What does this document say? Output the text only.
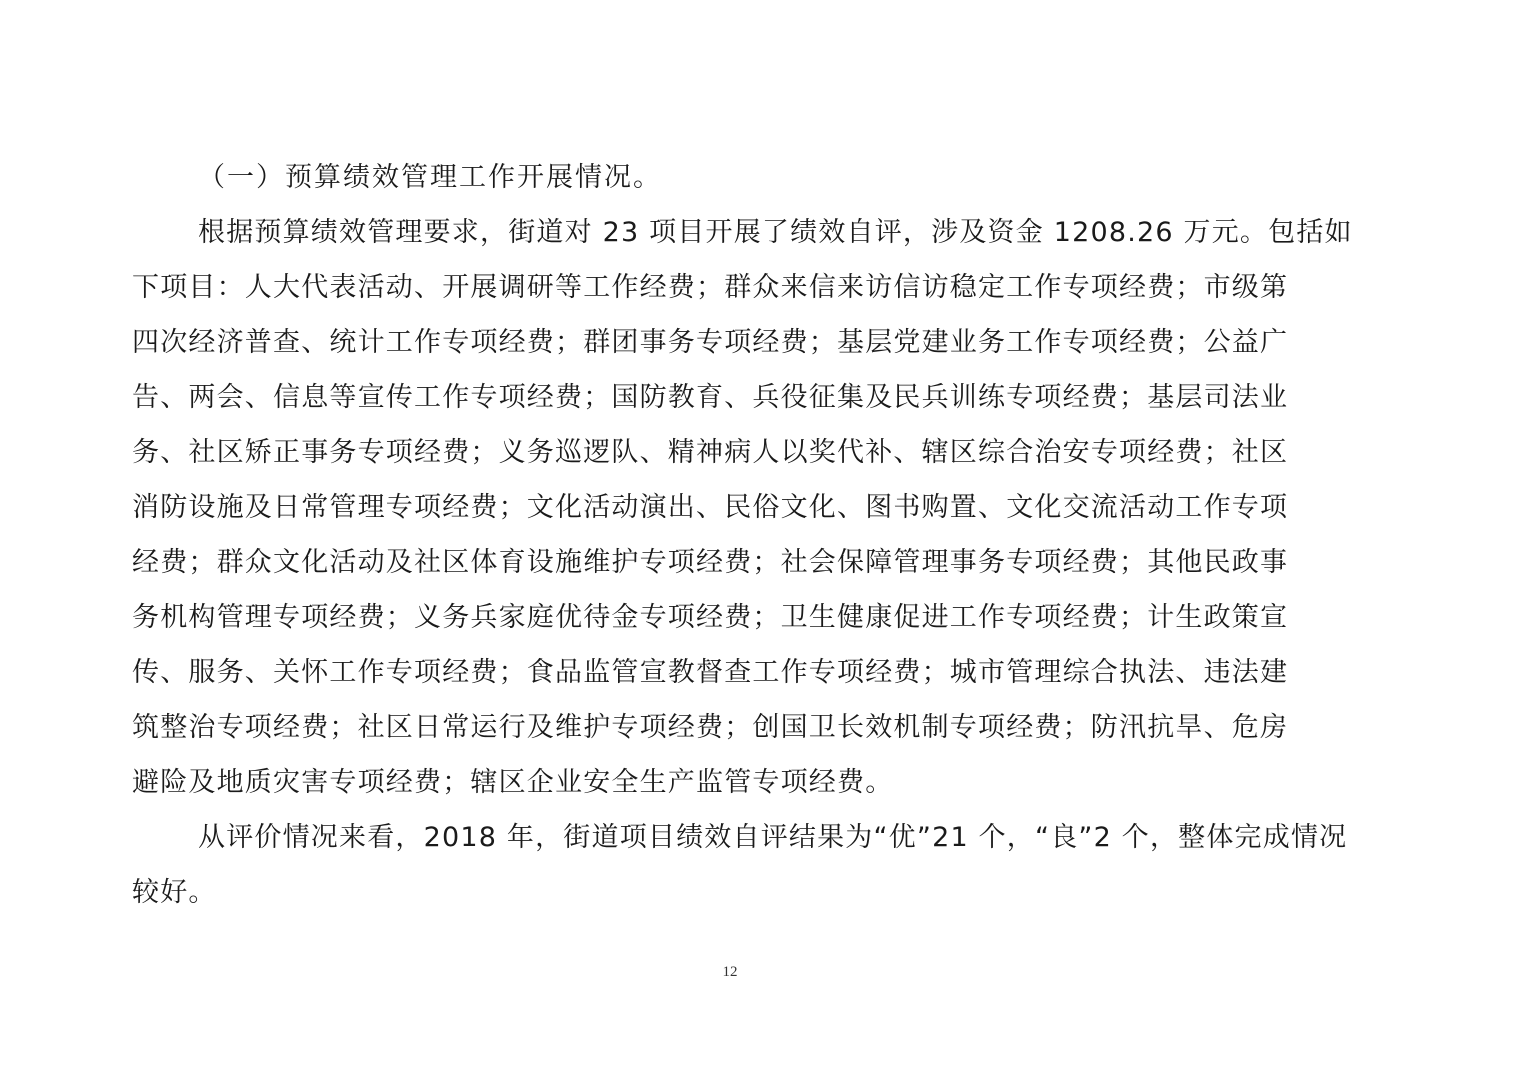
（一）预算绩效管理工作开展情况。

根据预算绩效管理要求，街道对 23 项目开展了绩效自评，涉及资金 1208.26 万元。包括如
下项目：人大代表活动、开展调研等工作经费；群众来信来访信访稳定工作专项经费；市级第
四次经济普查、统计工作专项经费；群团事务专项经费；基层党建业务工作专项经费；公益广
告、两会、信息等宣传工作专项经费；国防教育、兵役征集及民兵训练专项经费；基层司法业
务、社区矫正事务专项经费；义务巡逻队、精神病人以奖代补、辖区综合治安专项经费；社区
消防设施及日常管理专项经费；文化活动演出、民俗文化、图书购置、文化交流活动工作专项
经费；群众文化活动及社区体育设施维护专项经费；社会保障管理事务专项经费；其他民政事
务机构管理专项经费；义务兵家庭优待金专项经费；卫生健康促进工作专项经费；计生政策宣
传、服务、关怀工作专项经费；食品监管宣教督查工作专项经费；城市管理综合执法、违法建
筑整治专项经费；社区日常运行及维护专项经费；创国卫长效机制专项经费；防汛抗旱、危房
避险及地质灾害专项经费；辖区企业安全生产监管专项经费。

从评价情况来看，2018 年，街道项目绩效自评结果为“优”21 个，“良”2 个，整体完成情况
较好。

12
